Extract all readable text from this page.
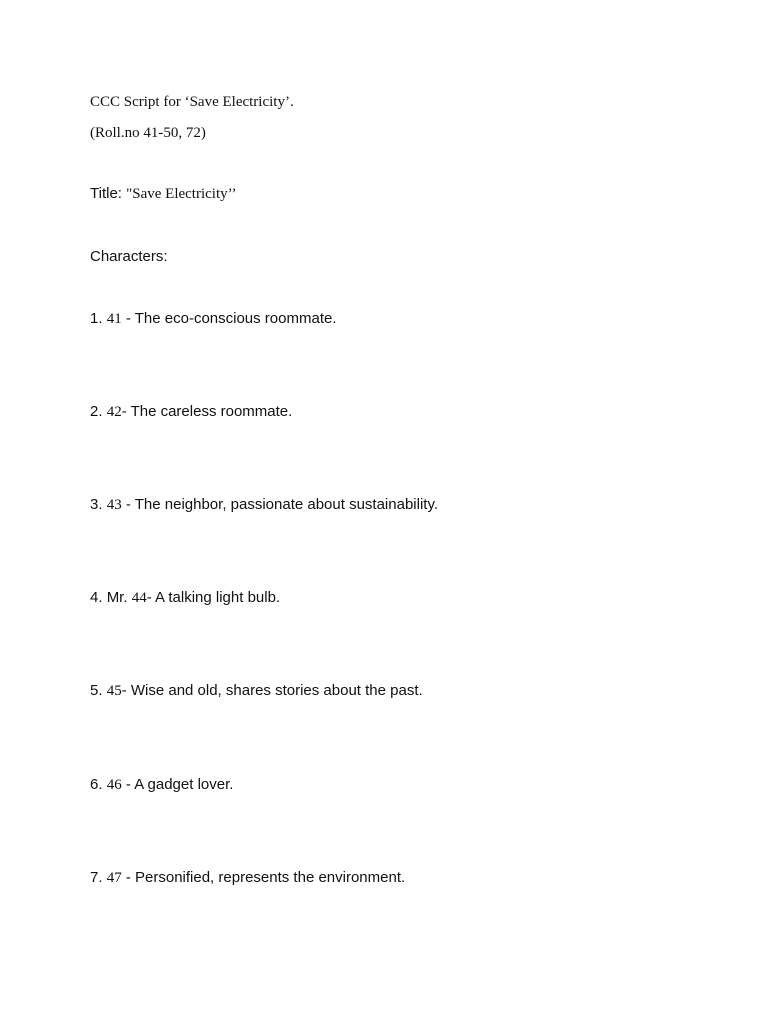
CCC Script for ‘Save Electricity’.

(Roll.no 41-50, 72)

Title: "Save Electricity’’

Characters:

1. 41 - The eco-conscious roommate.

2. 42- The careless roommate.

3. 43 - The neighbor, passionate about sustainability.

4. Mr. 44- A talking light bulb.

5. 45- Wise and old, shares stories about the past.

6. 46 - A gadget lover.

7. 47 - Personified, represents the environment.
